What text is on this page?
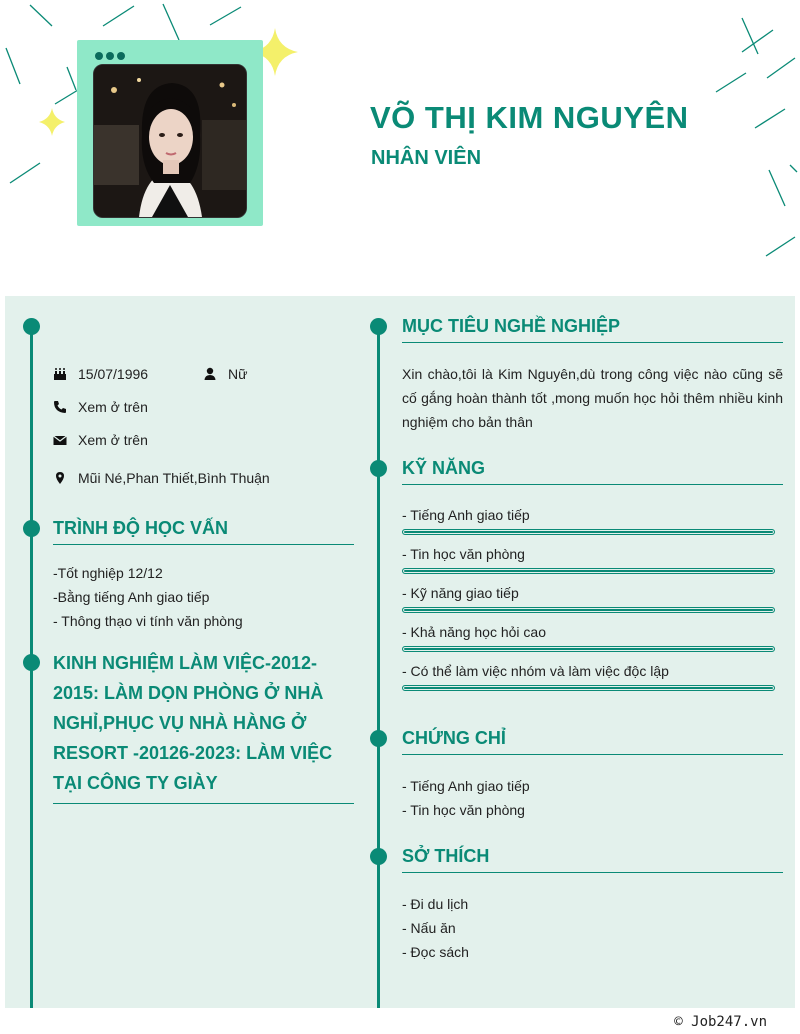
VÕ THỊ KIM NGUYÊN
NHÂN VIÊN
15/07/1996	Nữ
Xem ở trên
Xem ở trên
Mũi Né,Phan Thiết,Bình Thuận
TRÌNH ĐỘ HỌC VẤN

-Tốt nghiệp 12/12

-Bằng tiếng Anh giao tiếp

- Thông thạo vi tính văn phòng

KINH NGHIỆM LÀM VIỆC-2012-2015: LÀM DỌN PHÒNG Ở NHÀ NGHỈ,PHỤC VỤ NHÀ HÀNG Ở RESORT -20126-2023: LÀM VIỆC TẠI CÔNG TY GIÀY
MỤC TIÊU NGHỀ NGHIỆP

Xin chào,tôi là Kim Nguyên,dù trong công việc nào cũng sẽ cố gắng hoàn thành tốt ,mong muốn học hỏi thêm nhiều kinh nghiệm cho bản thân

KỸ NĂNG
- Tiếng Anh giao tiếp
- Tin học văn phòng
- Kỹ năng giao tiếp
- Khả năng học hỏi cao
- Có thể làm việc nhóm và làm việc độc lập
CHỨNG CHỈ

- Tiếng Anh giao tiếp

- Tin học văn phòng

SỞ THÍCH

- Đi du lịch

- Nấu ăn

- Đọc sách

© Job247.vn
